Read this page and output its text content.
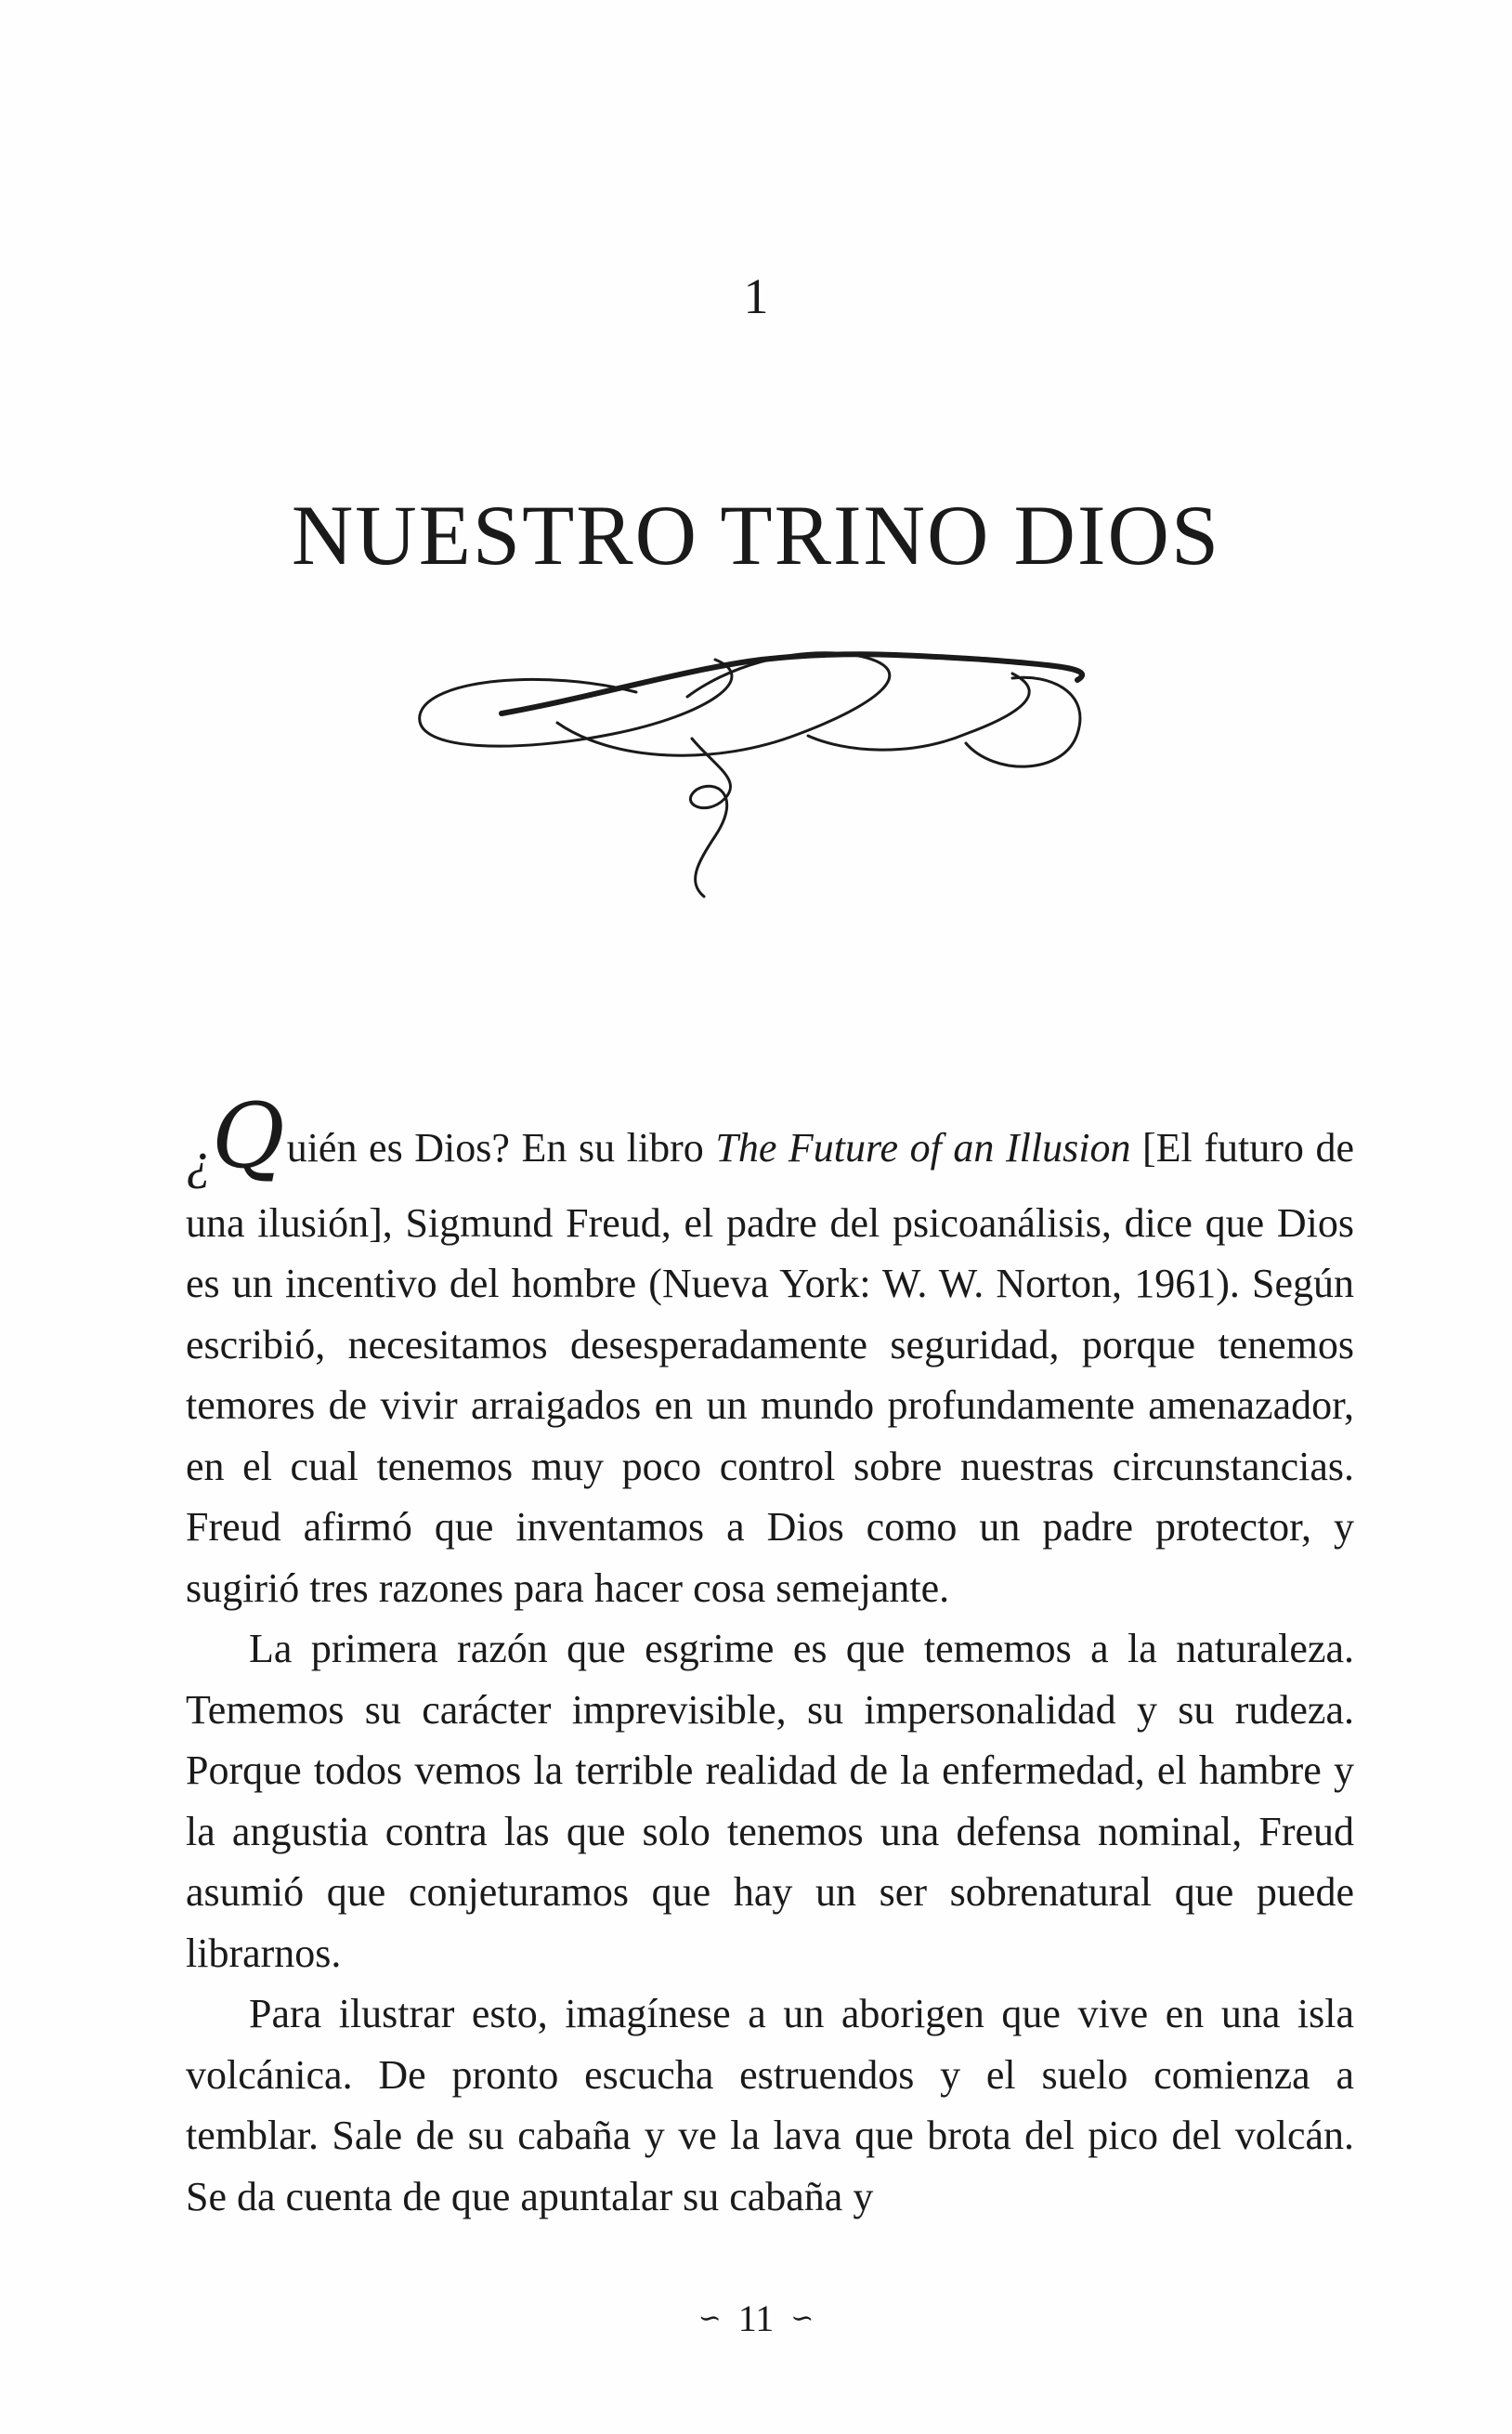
1
NUESTRO TRINO DIOS

¿Quién es Dios? En su libro The Future of an Illusion [El futuro de una ilusión], Sigmund Freud, el padre del psicoanálisis, dice que Dios es un incentivo del hombre (Nueva York: W. W. Norton, 1961). Según escribió, necesitamos desesperadamente seguridad, porque tenemos temores de vivir arraigados en un mundo profundamente amenazador, en el cual tenemos muy poco control sobre nuestras circunstancias. Freud afirmó que inventamos a Dios como un padre protector, y sugirió tres razones para hacer cosa semejante.

La primera razón que esgrime es que tememos a la naturaleza. Tememos su carácter imprevisible, su impersonalidad y su rudeza. Porque todos vemos la terrible realidad de la enfermedad, el hambre y la angustia contra las que solo tenemos una defensa nominal, Freud asumió que conjeturamos que hay un ser sobrenatural que puede librarnos.

Para ilustrar esto, imagínese a un aborigen que vive en una isla volcánica. De pronto escucha estruendos y el suelo comienza a temblar. Sale de su cabaña y ve la lava que brota del pico del volcán. Se da cuenta de que apuntalar su cabaña y

∽ 11 ∽
